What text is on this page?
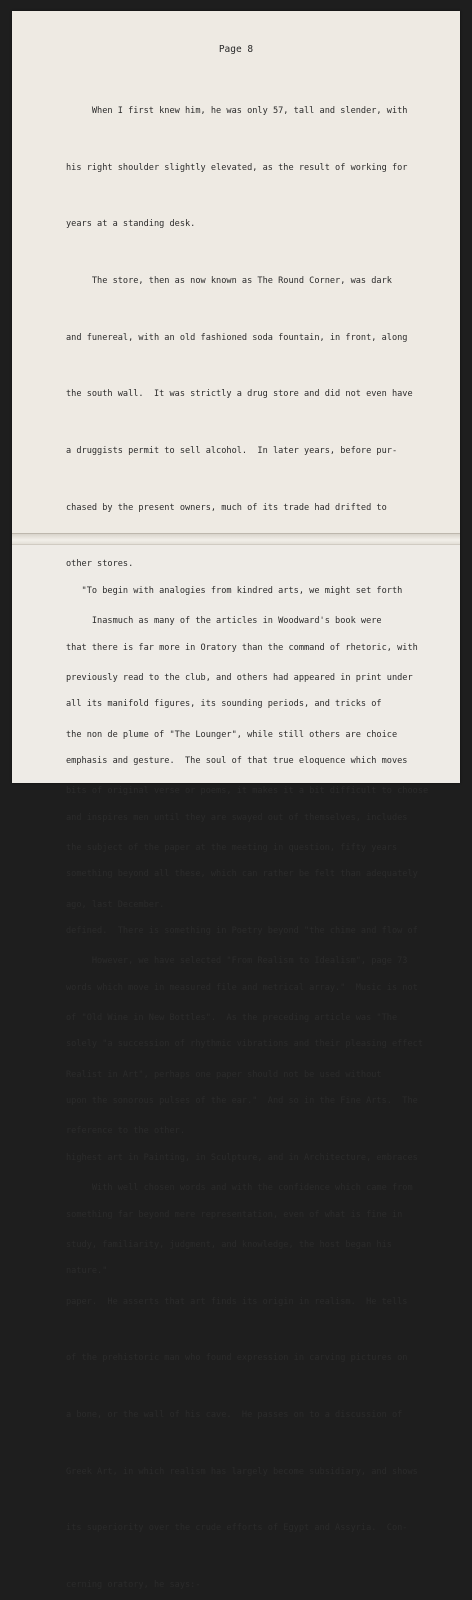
Page 8

When I first knew him, he was only 57, tall and slender, with

his right shoulder slightly elevated, as the result of working for

years at a standing desk.

The store, then as now known as The Round Corner, was dark

and funereal, with an old fashioned soda fountain, in front, along

the south wall.  It was strictly a drug store and did not even have

a druggists permit to sell alcohol.  In later years, before pur-

chased by the present owners, much of its trade had drifted to

other stores.

Inasmuch as many of the articles in Woodward's book were

previously read to the club, and others had appeared in print under

the non de plume of "The Lounger", while still others are choice

bits of original verse or poems, it makes it a bit difficult to choose

the subject of the paper at the meeting in question, fifty years

ago, last December.

However, we have selected "From Realism to Idealism", page 73

of "Old Wine in New Bottles".  As the preceding article was "The

Realist in Art", perhaps one paper should not be used without

reference to the other.

With well chosen words and with the confidence which came from

study, familiarity, judgment, and knowledge, the host began his

paper.  He asserts that art finds its origin in realism.  He tells

of the prehistoric man who found expression in carving pictures on

a bone, or the wall of his cave.  He passes on to a discussion of

Greek Art, in which realism has largely become subsidiary, and shows

its superiority over the crude efforts of Egypt and Assyria.  Con-

cerning oratory, he says:-

"To begin with analogies from kindred arts, we might set forth

that there is far more in Oratory than the command of rhetoric, with

all its manifold figures, its sounding periods, and tricks of

emphasis and gesture.  The soul of that true eloquence which moves

and inspires men until they are swayed out of themselves, includes

something beyond all these, which can rather be felt than adequately

defined.  There is something in Poetry beyond "the chime and flow of

words which move in measured file and metrical array."  Music is not

solely "a succession of rhythmic vibrations and their pleasing effect

upon the sonorous pulses of the ear."  And so in the Fine Arts.  The

highest art in Painting, in Sculpture, and in Architecture, embraces

something far beyond mere representation, even of what is fine in

nature."
